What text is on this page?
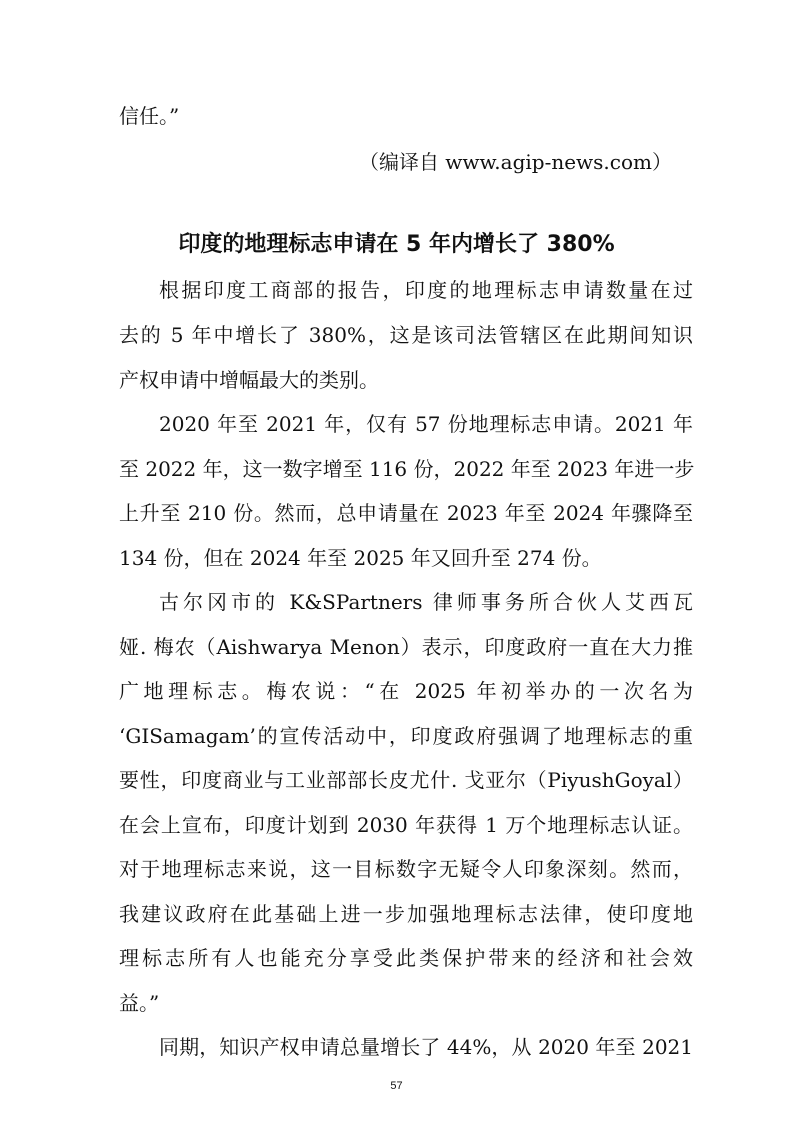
信任。”

（编译自 www.agip-news.com）

印度的地理标志申请在 5 年内增长了 380%

根据印度工商部的报告，印度的地理标志申请数量在过

去的 5 年中增长了 380%，这是该司法管辖区在此期间知识

产权申请中增幅最大的类别。

2020 年至 2021 年，仅有 57 份地理标志申请。2021 年

至 2022 年，这一数字增至 116 份，2022 年至 2023 年进一步

上升至 210 份。然而，总申请量在 2023 年至 2024 年骤降至

134 份，但在 2024 年至 2025 年又回升至 274 份。

古尔冈市的 K&SPartners 律师事务所合伙人艾西瓦

娅. 梅农（Aishwarya Menon）表示，印度政府一直在大力推

广地理标志。梅农说：“在 2025 年初举办的一次名为

‘GISamagam’的宣传活动中，印度政府强调了地理标志的重

要性，印度商业与工业部部长皮尤什. 戈亚尔（PiyushGoyal）

在会上宣布，印度计划到 2030 年获得 1 万个地理标志认证。

对于地理标志来说，这一目标数字无疑令人印象深刻。然而，

我建议政府在此基础上进一步加强地理标志法律，使印度地

理标志所有人也能充分享受此类保护带来的经济和社会效

益。”

同期，知识产权申请总量增长了 44%，从 2020 年至 2021

57
